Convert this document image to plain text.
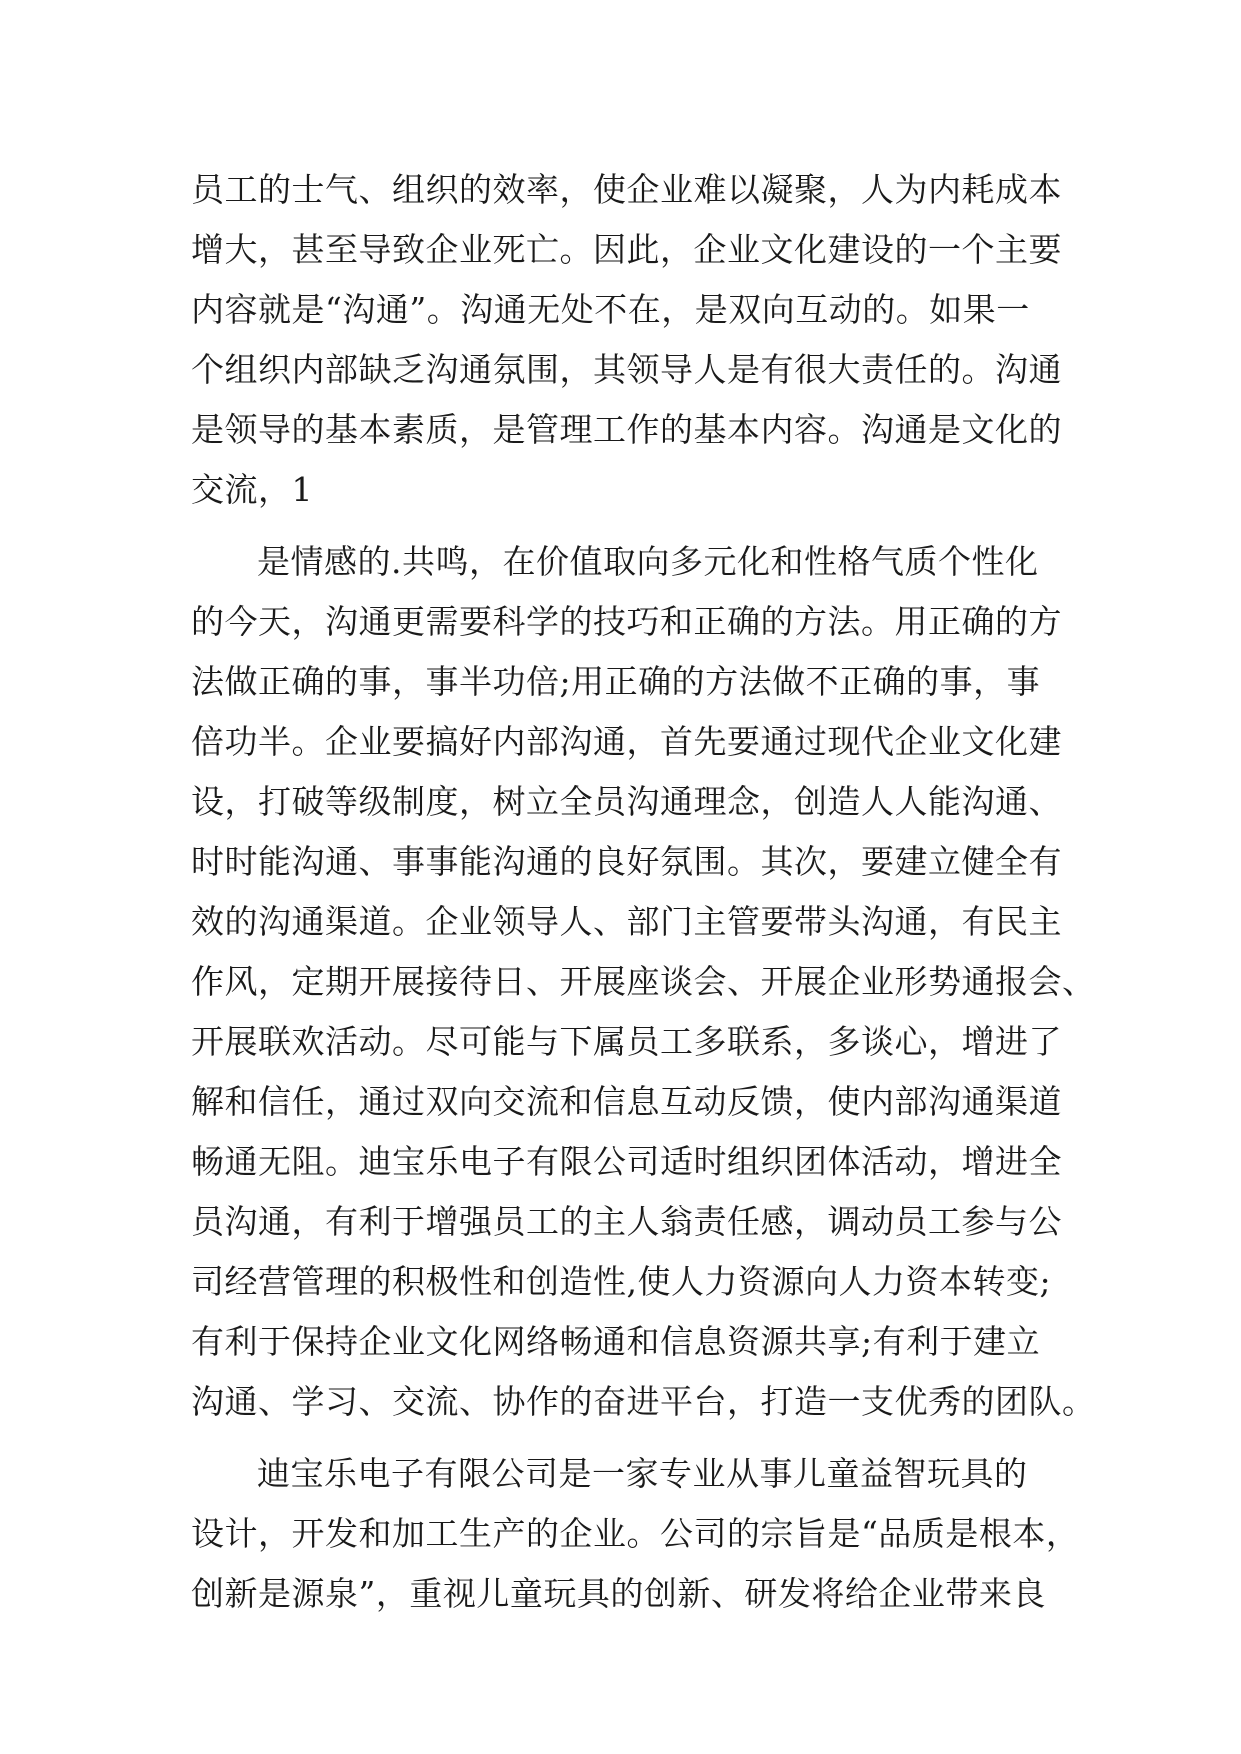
员工的士气、组织的效率，使企业难以凝聚，人为内耗成本
增大，甚至导致企业死亡。因此，企业文化建设的一个主要
内容就是“沟通”。沟通无处不在，是双向互动的。如果一
个组织内部缺乏沟通氛围，其领导人是有很大责任的。沟通
是领导的基本素质，是管理工作的基本内容。沟通是文化的
交流，1
是情感的.共鸣，在价值取向多元化和性格气质个性化
的今天，沟通更需要科学的技巧和正确的方法。用正确的方
法做正确的事，事半功倍;用正确的方法做不正确的事，事
倍功半。企业要搞好内部沟通，首先要通过现代企业文化建
设，打破等级制度，树立全员沟通理念，创造人人能沟通、
时时能沟通、事事能沟通的良好氛围。其次，要建立健全有
效的沟通渠道。企业领导人、部门主管要带头沟通，有民主
作风，定期开展接待日、开展座谈会、开展企业形势通报会、
开展联欢活动。尽可能与下属员工多联系，多谈心，增进了
解和信任，通过双向交流和信息互动反馈，使内部沟通渠道
畅通无阻。迪宝乐电子有限公司适时组织团体活动，增进全
员沟通，有利于增强员工的主人翁责任感，调动员工参与公
司经营管理的积极性和创造性,使人力资源向人力资本转变;
有利于保持企业文化网络畅通和信息资源共享;有利于建立
沟通、学习、交流、协作的奋进平台，打造一支优秀的团队。
迪宝乐电子有限公司是一家专业从事儿童益智玩具的
设计，开发和加工生产的企业。公司的宗旨是“品质是根本，
创新是源泉”，重视儿童玩具的创新、研发将给企业带来良
